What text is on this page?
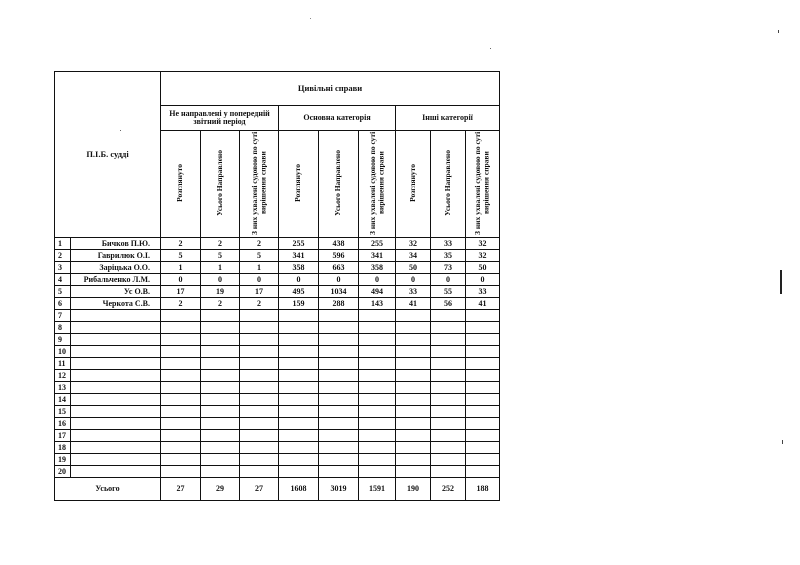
П.І.Б. судді		Цивільні справи								
		Не направлені у попередній звітний період			Основна категорія			Інші категорії		
		Розглянуто	Усього Направлено	З них ухвалені судовою по суті вирішення справи	Розглянуто	Усього Направлено	З них ухвалені судовою по суті вирішення справи	Розглянуто	Усього Направлено	З них ухвалені судовою по суті вирішення справи
1	Бичков П.Ю.	2	2	2	255	438	255	32	33	32
2	Гаврилюк О.І.	5	5	5	341	596	341	34	35	32
3	Заріцька О.О.	1	1	1	358	663	358	50	73	50
4	Рибальченко Л.М.	0	0	0	0	0	0	0	0	0
5	Ус О.В.	17	19	17	495	1034	494	33	55	33
6	Черкота С.В.	2	2	2	159	288	143	41	56	41
7										
8										
9										
10										
11										
12										
13										
14										
15										
16										
17										
18										
19										
20										
Усього		27	29	27	1608	3019	1591	190	252	188
